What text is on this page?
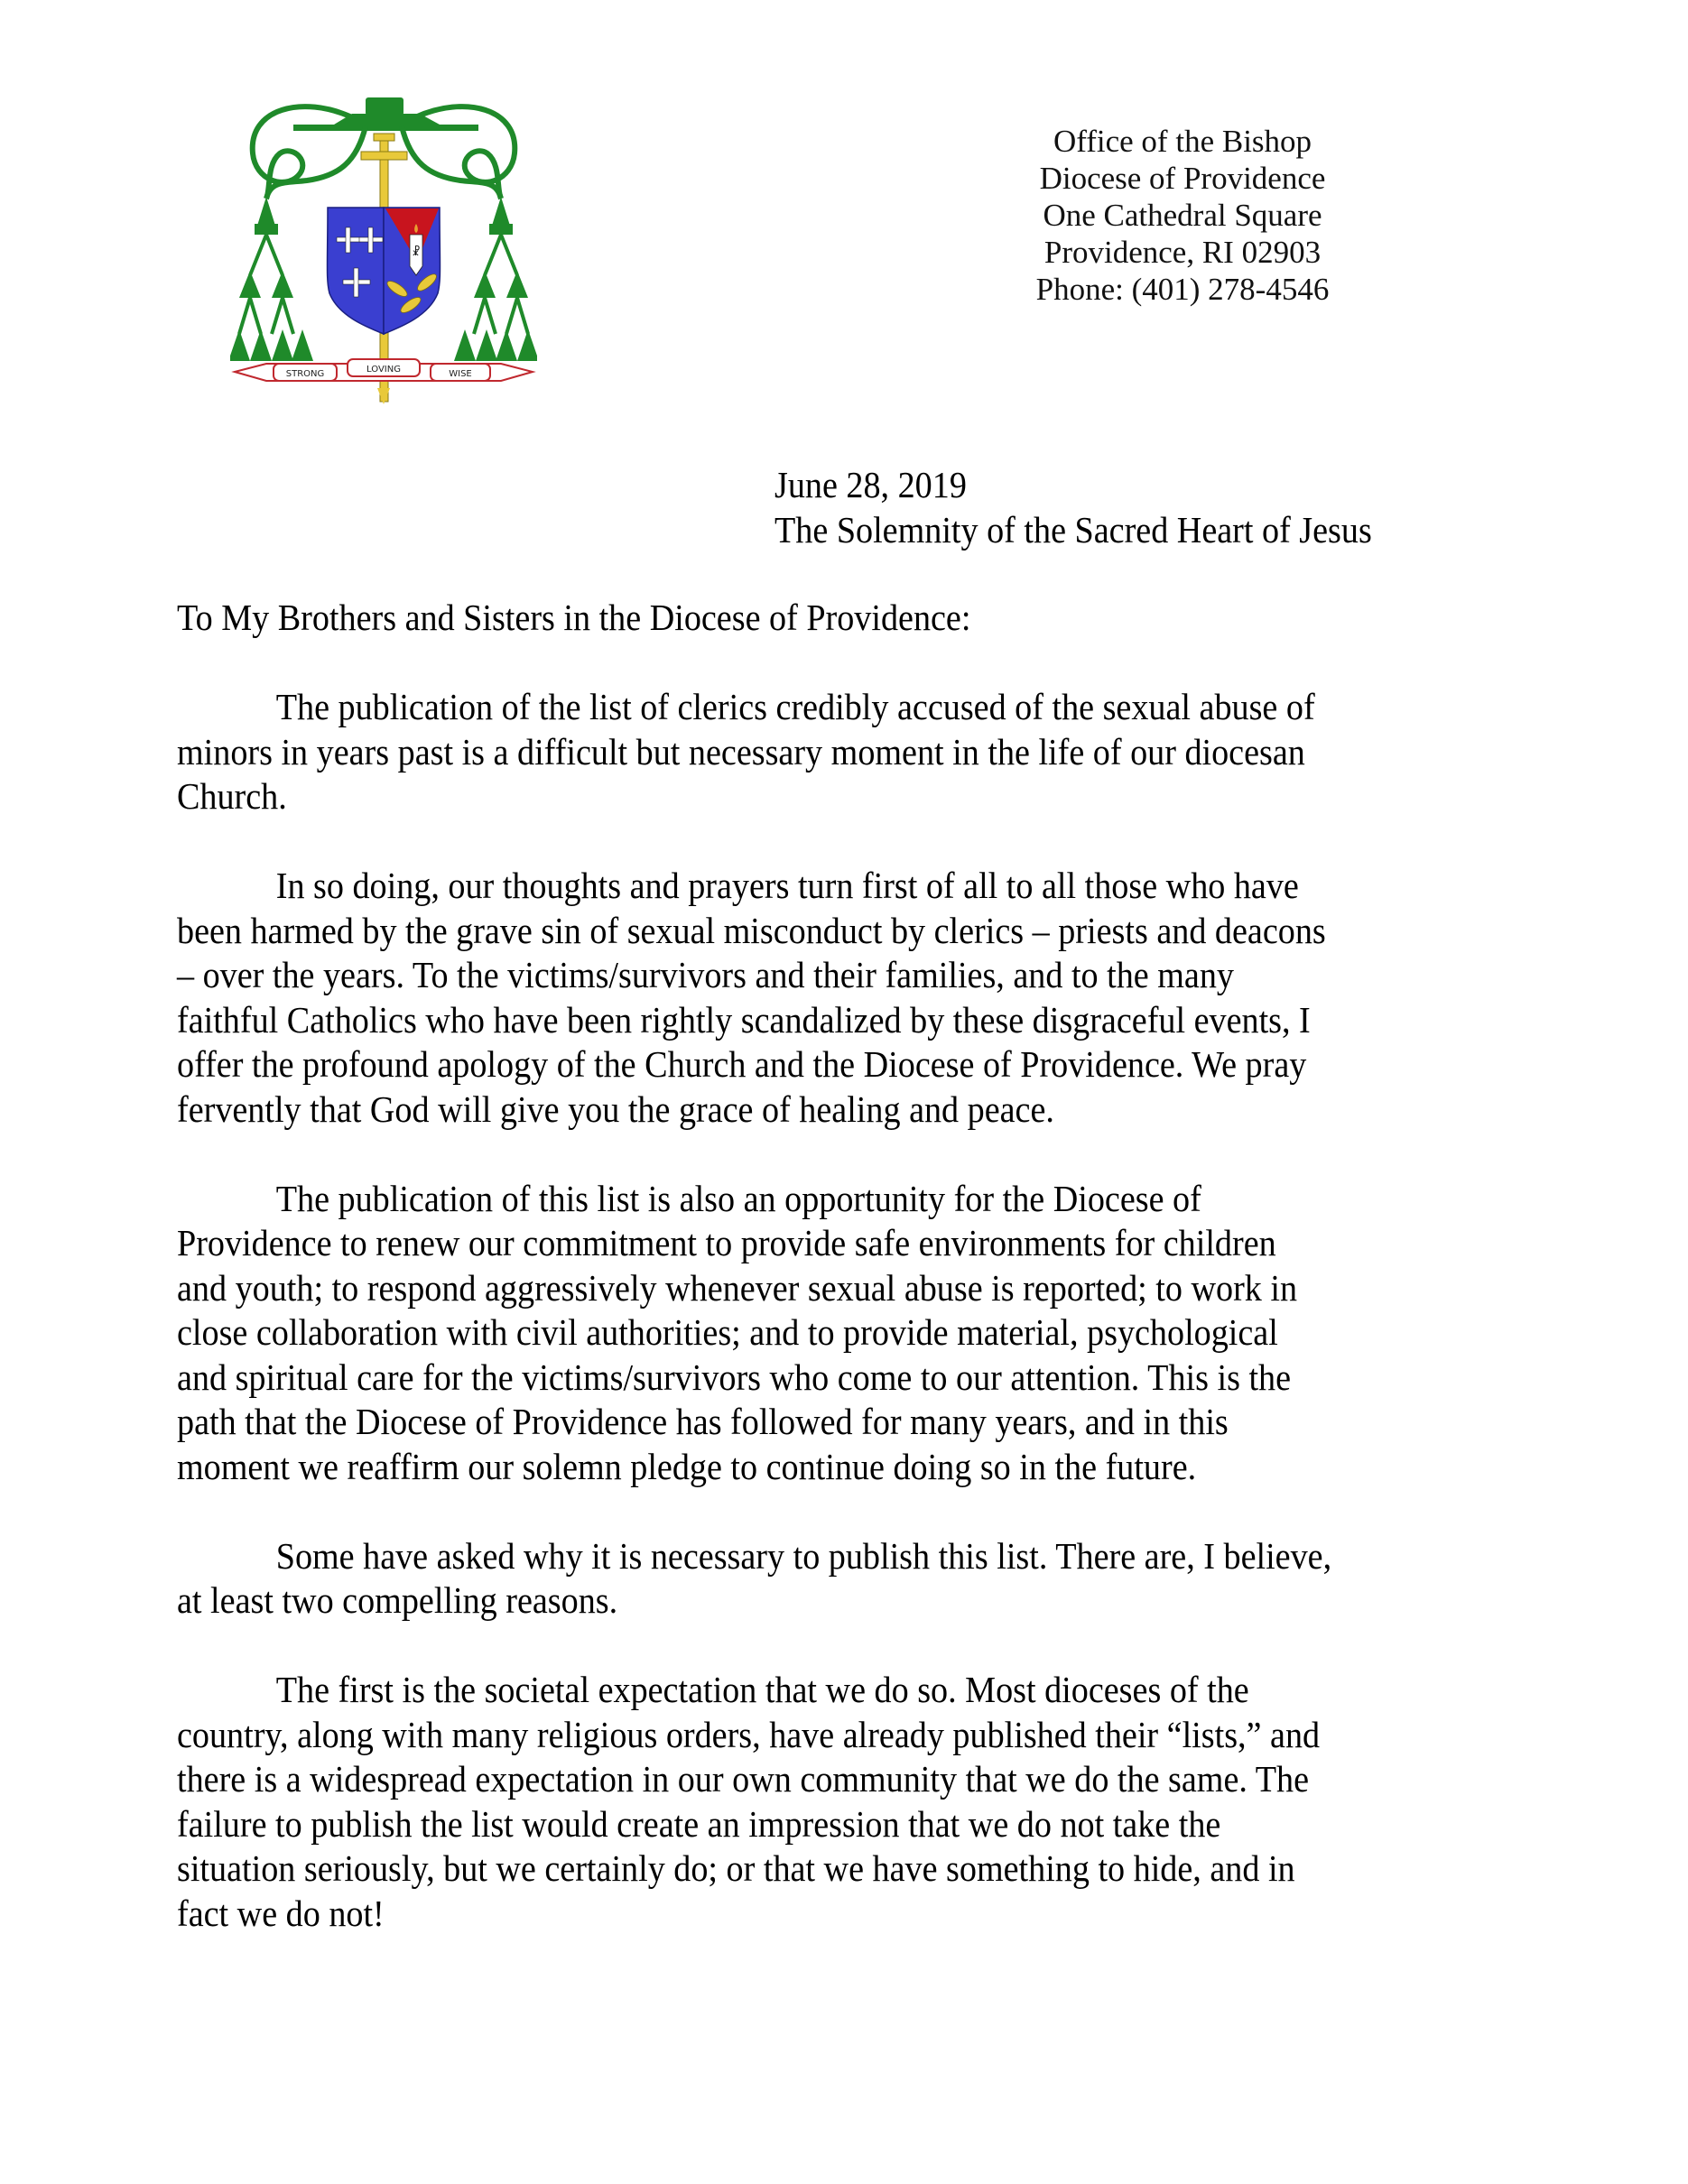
☧
STRONG	LOVING	WISE
Office of the Bishop
Diocese of Providence
One Cathedral Square
Providence, RI 02903
Phone: (401) 278-4546
June 28, 2019
The Solemnity of the Sacred Heart of Jesus
To My Brothers and Sisters in the Diocese of Providence:
The publication of the list of clerics credibly accused of the sexual abuse of
minors in years past is a difficult but necessary moment in the life of our diocesan
Church.
In so doing, our thoughts and prayers turn first of all to all those who have
been harmed by the grave sin of sexual misconduct by clerics – priests and deacons
– over the years. To the victims/survivors and their families, and to the many
faithful Catholics who have been rightly scandalized by these disgraceful events, I
offer the profound apology of the Church and the Diocese of Providence. We pray
fervently that God will give you the grace of healing and peace.
The publication of this list is also an opportunity for the Diocese of
Providence to renew our commitment to provide safe environments for children
and youth; to respond aggressively whenever sexual abuse is reported; to work in
close collaboration with civil authorities; and to provide material, psychological
and spiritual care for the victims/survivors who come to our attention. This is the
path that the Diocese of Providence has followed for many years, and in this
moment we reaffirm our solemn pledge to continue doing so in the future.
Some have asked why it is necessary to publish this list. There are, I believe,
at least two compelling reasons.
The first is the societal expectation that we do so. Most dioceses of the
country, along with many religious orders, have already published their “lists,” and
there is a widespread expectation in our own community that we do the same. The
failure to publish the list would create an impression that we do not take the
situation seriously, but we certainly do; or that we have something to hide, and in
fact we do not!
